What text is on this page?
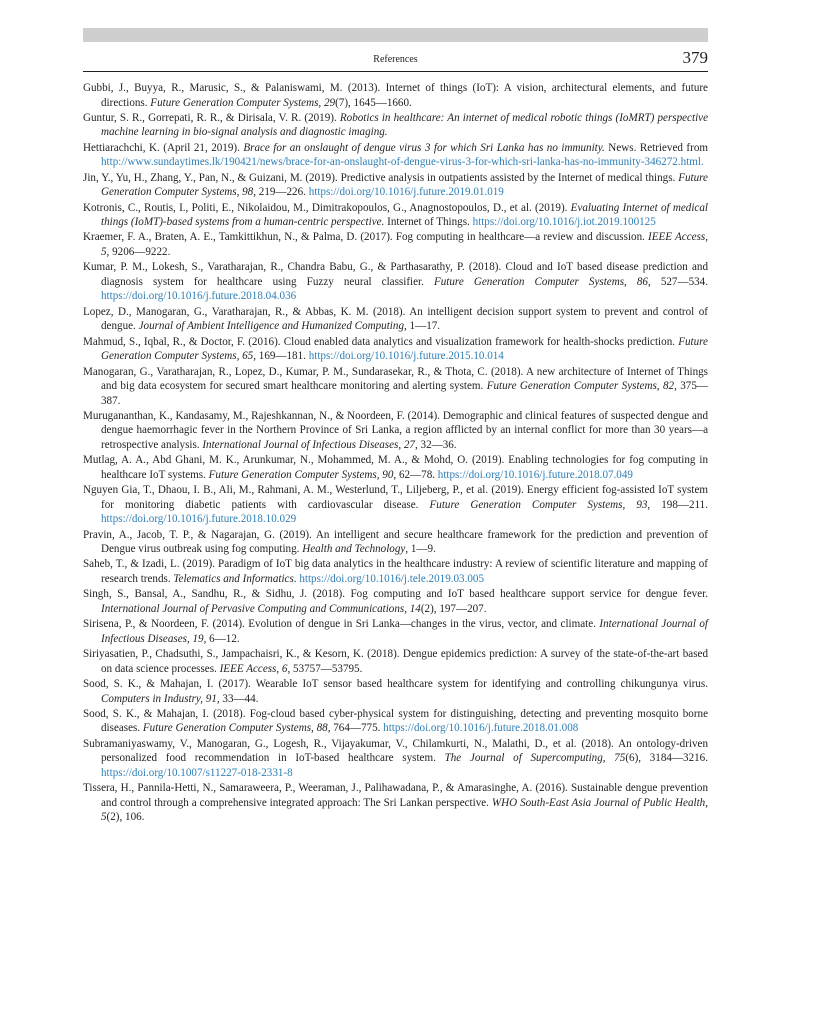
References	379

Gubbi, J., Buyya, R., Marusic, S., & Palaniswami, M. (2013). Internet of things (IoT): A vision, architectural elements, and future directions. Future Generation Computer Systems, 29(7), 1645—1660.

Guntur, S. R., Gorrepati, R. R., & Dirisala, V. R. (2019). Robotics in healthcare: An internet of medical robotic things (IoMRT) perspective machine learning in bio-signal analysis and diagnostic imaging.

Hettiarachchi, K. (April 21, 2019). Brace for an onslaught of dengue virus 3 for which Sri Lanka has no immunity. News. Retrieved from http://www.sundaytimes.lk/190421/news/brace-for-an-onslaught-of-dengue-virus-3-for-which-sri-lanka-has-no-immunity-346272.html.

Jin, Y., Yu, H., Zhang, Y., Pan, N., & Guizani, M. (2019). Predictive analysis in outpatients assisted by the Internet of medical things. Future Generation Computer Systems, 98, 219—226. https://doi.org/10.1016/j.future.2019.01.019

Kotronis, C., Routis, I., Politi, E., Nikolaidou, M., Dimitrakopoulos, G., Anagnostopoulos, D., et al. (2019). Evaluating Internet of medical things (IoMT)-based systems from a human-centric perspective. Internet of Things. https://doi.org/10.1016/j.iot.2019.100125

Kraemer, F. A., Braten, A. E., Tamkittikhun, N., & Palma, D. (2017). Fog computing in healthcare—a review and discussion. IEEE Access, 5, 9206—9222.

Kumar, P. M., Lokesh, S., Varatharajan, R., Chandra Babu, G., & Parthasarathy, P. (2018). Cloud and IoT based disease prediction and diagnosis system for healthcare using Fuzzy neural classifier. Future Generation Computer Systems, 86, 527—534. https://doi.org/10.1016/j.future.2018.04.036

Lopez, D., Manogaran, G., Varatharajan, R., & Abbas, K. M. (2018). An intelligent decision support system to prevent and control of dengue. Journal of Ambient Intelligence and Humanized Computing, 1—17.

Mahmud, S., Iqbal, R., & Doctor, F. (2016). Cloud enabled data analytics and visualization framework for health-shocks prediction. Future Generation Computer Systems, 65, 169—181. https://doi.org/10.1016/j.future.2015.10.014

Manogaran, G., Varatharajan, R., Lopez, D., Kumar, P. M., Sundarasekar, R., & Thota, C. (2018). A new architecture of Internet of Things and big data ecosystem for secured smart healthcare monitoring and alerting system. Future Generation Computer Systems, 82, 375—387.

Murugananthan, K., Kandasamy, M., Rajeshkannan, N., & Noordeen, F. (2014). Demographic and clinical features of suspected dengue and dengue haemorrhagic fever in the Northern Province of Sri Lanka, a region afflicted by an internal conflict for more than 30 years—a retrospective analysis. International Journal of Infectious Diseases, 27, 32—36.

Mutlag, A. A., Abd Ghani, M. K., Arunkumar, N., Mohammed, M. A., & Mohd, O. (2019). Enabling technologies for fog computing in healthcare IoT systems. Future Generation Computer Systems, 90, 62—78. https://doi.org/10.1016/j.future.2018.07.049

Nguyen Gia, T., Dhaou, I. B., Ali, M., Rahmani, A. M., Westerlund, T., Liljeberg, P., et al. (2019). Energy efficient fog-assisted IoT system for monitoring diabetic patients with cardiovascular disease. Future Generation Computer Systems, 93, 198—211. https://doi.org/10.1016/j.future.2018.10.029

Pravin, A., Jacob, T. P., & Nagarajan, G. (2019). An intelligent and secure healthcare framework for the prediction and prevention of Dengue virus outbreak using fog computing. Health and Technology, 1—9.

Saheb, T., & Izadi, L. (2019). Paradigm of IoT big data analytics in the healthcare industry: A review of scientific literature and mapping of research trends. Telematics and Informatics. https://doi.org/10.1016/j.tele.2019.03.005

Singh, S., Bansal, A., Sandhu, R., & Sidhu, J. (2018). Fog computing and IoT based healthcare support service for dengue fever. International Journal of Pervasive Computing and Communications, 14(2), 197—207.

Sirisena, P., & Noordeen, F. (2014). Evolution of dengue in Sri Lanka—changes in the virus, vector, and climate. International Journal of Infectious Diseases, 19, 6—12.

Siriyasatien, P., Chadsuthi, S., Jampachaisri, K., & Kesorn, K. (2018). Dengue epidemics prediction: A survey of the state-of-the-art based on data science processes. IEEE Access, 6, 53757—53795.

Sood, S. K., & Mahajan, I. (2017). Wearable IoT sensor based healthcare system for identifying and controlling chikungunya virus. Computers in Industry, 91, 33—44.

Sood, S. K., & Mahajan, I. (2018). Fog-cloud based cyber-physical system for distinguishing, detecting and preventing mosquito borne diseases. Future Generation Computer Systems, 88, 764—775. https://doi.org/10.1016/j.future.2018.01.008

Subramaniyaswamy, V., Manogaran, G., Logesh, R., Vijayakumar, V., Chilamkurti, N., Malathi, D., et al. (2018). An ontology-driven personalized food recommendation in IoT-based healthcare system. The Journal of Supercomputing, 75(6), 3184—3216. https://doi.org/10.1007/s11227-018-2331-8

Tissera, H., Pannila-Hetti, N., Samaraweera, P., Weeraman, J., Palihawadana, P., & Amarasinghe, A. (2016). Sustainable dengue prevention and control through a comprehensive integrated approach: The Sri Lankan perspective. WHO South-East Asia Journal of Public Health, 5(2), 106.
